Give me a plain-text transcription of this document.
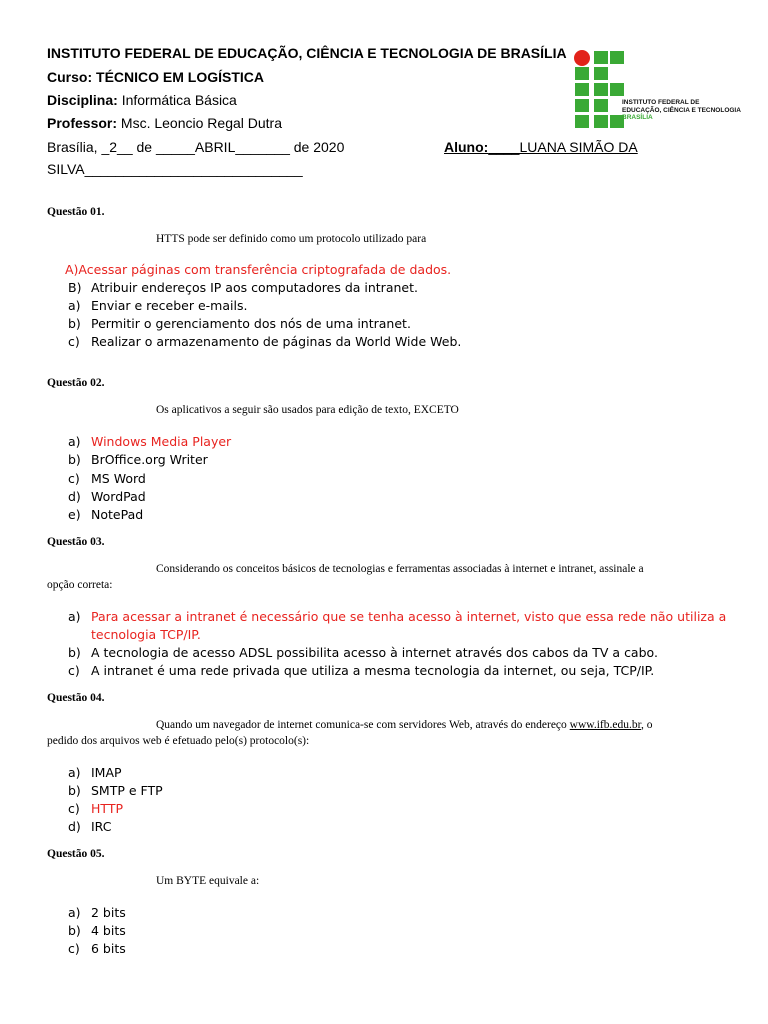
INSTITUTO FEDERAL DE EDUCAÇÃO, CIÊNCIA E TECNOLOGIA DE BRASÍLIA
Curso: TÉCNICO EM LOGÍSTICA
Disciplina: Informática Básica
Professor: Msc. Leoncio Regal Dutra
Brasília, _2__ de _____ABRIL_______ de 2020	Aluno:____LUANA SIMÃO DA
SILVA____________________________
INSTITUTO FEDERAL DE
EDUCAÇÃO, CIÊNCIA E TECNOLOGIA
BRASÍLIA
Questão 01.
HTTS pode ser definido como um protocolo utilizado para
A)Acessar páginas com transferência criptografada de dados.
B) Atribuir endereços IP aos computadores da intranet.
a) Enviar e receber e-mails.
b) Permitir o gerenciamento dos nós de uma intranet.
c) Realizar o armazenamento de páginas da World Wide Web.
Questão 02.
Os aplicativos a seguir são usados para edição de texto, EXCETO
a) Windows Media Player
b) BrOffice.org Writer
c) MS Word
d) WordPad
e) NotePad
Questão 03.
Considerando os conceitos básicos de tecnologias e ferramentas associadas à internet e intranet, assinale a
opção correta:
a) Para acessar a intranet é necessário que se tenha acesso à internet, visto que essa rede não utiliza a
tecnologia TCP/IP.
b) A tecnologia de acesso ADSL possibilita acesso à internet através dos cabos da TV a cabo.
c) A intranet é uma rede privada que utiliza a mesma tecnologia da internet, ou seja, TCP/IP.
Questão 04.
Quando um navegador de internet comunica-se com servidores Web, através do endereço www.ifb.edu.br, o
pedido dos arquivos web é efetuado pelo(s) protocolo(s):
a) IMAP
b) SMTP e FTP
c) HTTP
d) IRC
Questão 05.
Um BYTE equivale a:
a) 2 bits
b) 4 bits
c) 6 bits
